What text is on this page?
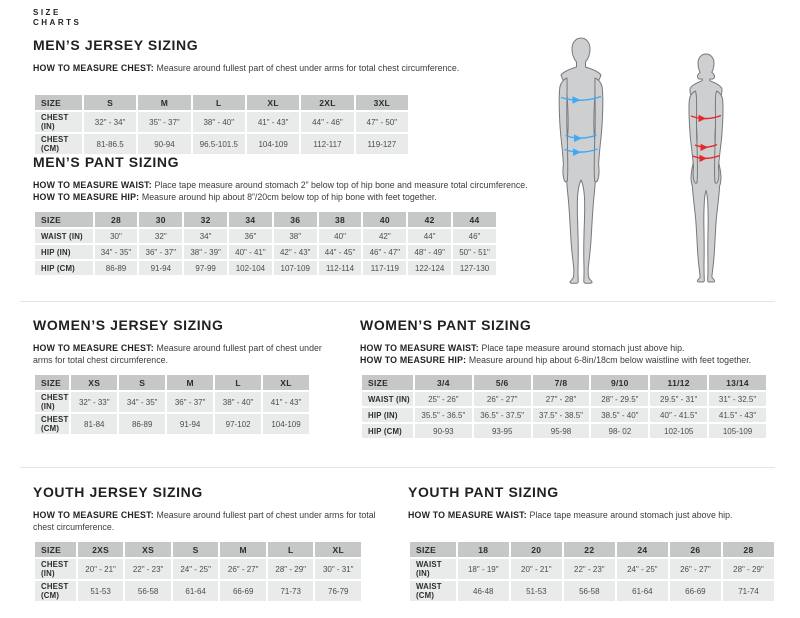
SIZE
CHARTS
MEN’S JERSEY SIZING
HOW TO MEASURE CHEST: Measure around fullest part of chest under arms for total chest circumference.
SIZE	S	M	L	XL	2XL	3XL
CHEST (IN)	32" - 34"	35" - 37"	38" - 40"	41" - 43"	44" - 46"	47" - 50"
CHEST (CM)	81-86.5	90-94	96.5-101.5	104-109	112-117	119-127
MEN’S PANT SIZING
HOW TO MEASURE WAIST: Place tape measure around stomach 2” below top of hip bone and measure total circumference.
HOW TO MEASURE HIP: Measure around hip about 8”/20cm below top of hip bone with feet together.
SIZE	28	30	32	34	36	38	40	42	44
WAIST (IN)	30"	32"	34"	36"	38"	40"	42"	44"	46"
HIP (IN)	34" - 35"	36" - 37"	38" - 39"	40" - 41"	42" - 43"	44" - 45"	46" - 47"	48" - 49"	50" - 51"
HIP (CM)	86-89	91-94	97-99	102-104	107-109	112-114	117-119	122-124	127-130
WOMEN’S JERSEY SIZING
HOW TO MEASURE CHEST: Measure around fullest part of chest under arms for total chest circumference.
SIZE	XS	S	M	L	XL
CHEST (IN)	32" - 33"	34" - 35"	36" - 37"	38" - 40"	41" - 43"
CHEST (CM)	81-84	86-89	91-94	97-102	104-109
WOMEN’S PANT SIZING
HOW TO MEASURE WAIST: Place tape measure around stomach just above hip.
HOW TO MEASURE HIP: Measure around hip about 6-8in/18cm below waistline with feet together.
SIZE	3/4	5/6	7/8	9/10	11/12	13/14
WAIST (IN)	25" - 26"	26" - 27"	27" - 28"	28" - 29.5"	29.5" - 31"	31" - 32.5"
HIP (IN)	35.5" - 36.5"	36.5" - 37.5"	37.5" - 38.5"	38.5" - 40"	40" - 41.5"	41.5" - 43"
HIP (CM)	90-93	93-95	95-98	98- 02	102-105	105-109
YOUTH JERSEY SIZING
HOW TO MEASURE CHEST: Measure around fullest part of chest under arms for total chest circumference.
SIZE	2XS	XS	S	M	L	XL
CHEST (IN)	20" - 21"	22" - 23"	24" - 25"	26" - 27"	28" - 29"	30" - 31"
CHEST (CM)	51-53	56-58	61-64	66-69	71-73	76-79
YOUTH PANT SIZING
HOW TO MEASURE WAIST: Place tape measure around stomach just above hip.
SIZE	18	20	22	24	26	28
WAIST (IN)	18" - 19"	20" - 21"	22" - 23"	24" - 25"	26" - 27"	28" - 29"
WAIST (CM)	46-48	51-53	56-58	61-64	66-69	71-74
